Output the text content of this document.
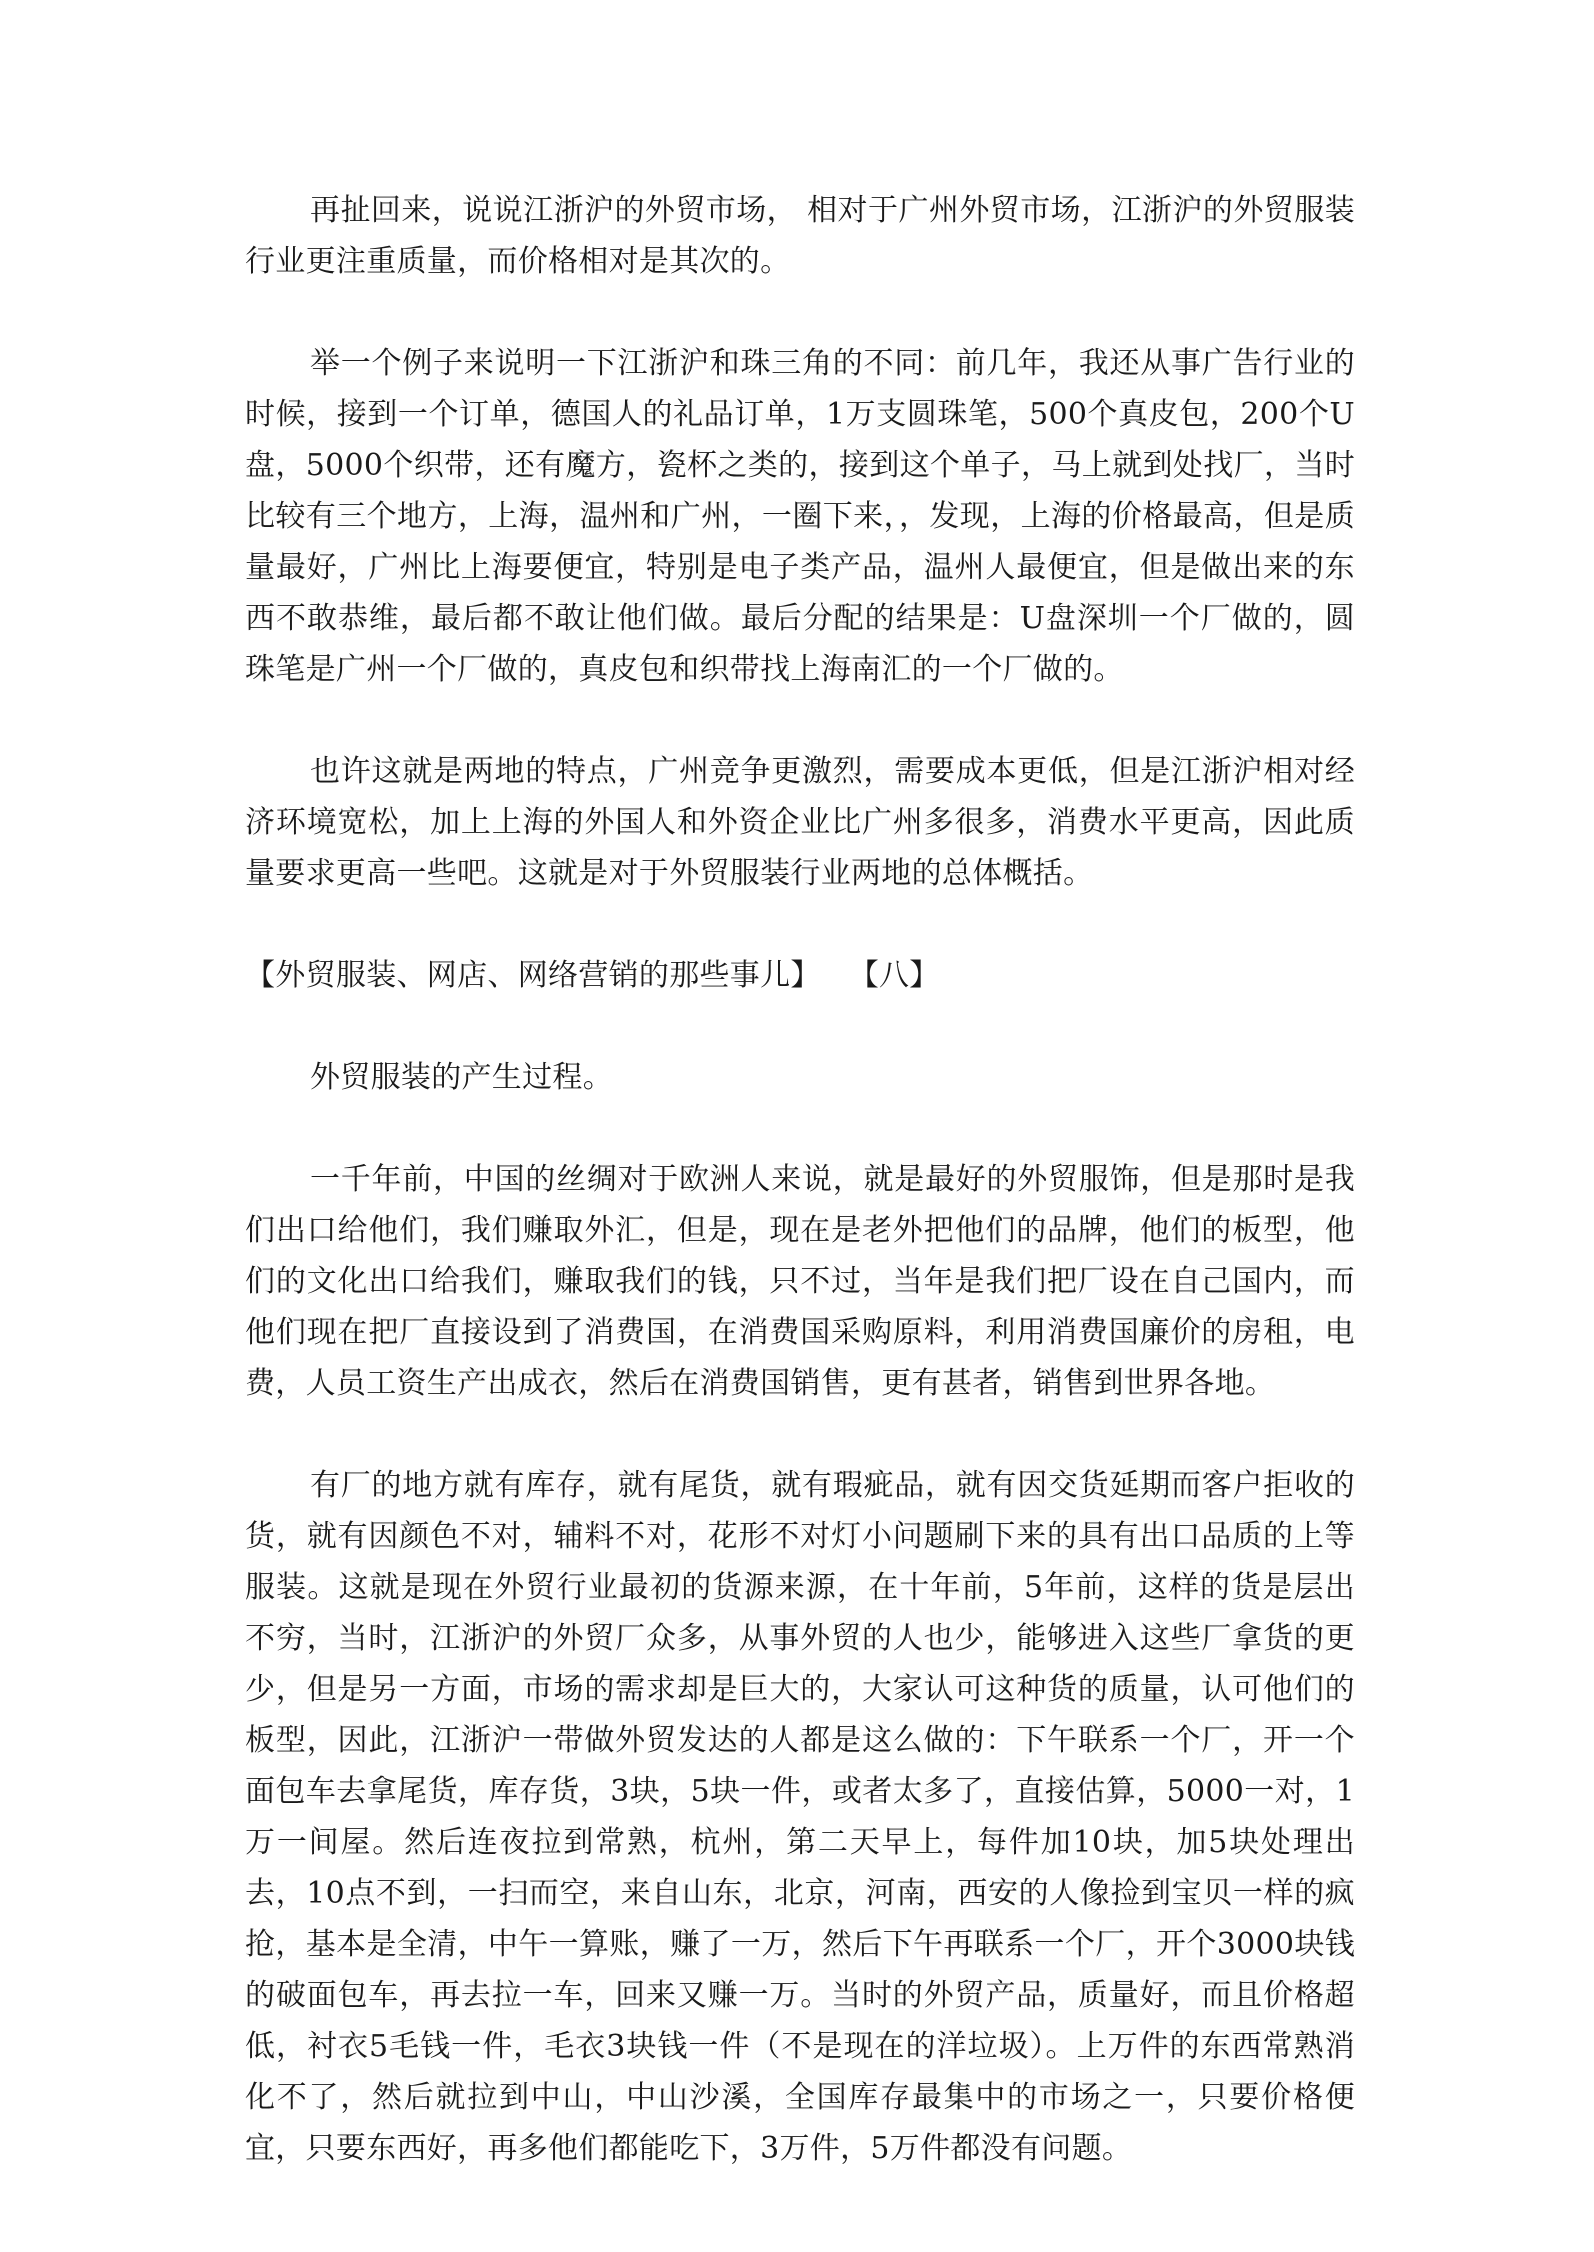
再扯回来，说说江浙沪的外贸市场， 相对于广州外贸市场，江浙沪的外贸服装行业更注重质量，而价格相对是其次的。

举一个例子来说明一下江浙沪和珠三角的不同：前几年，我还从事广告行业的时候，接到一个订单，德国人的礼品订单，1万支圆珠笔，500个真皮包，200个U盘，5000个织带，还有魔方，瓷杯之类的，接到这个单子，马上就到处找厂，当时比较有三个地方，上海，温州和广州，一圈下来，，发现，上海的价格最高，但是质量最好，广州比上海要便宜，特别是电子类产品，温州人最便宜，但是做出来的东西不敢恭维，最后都不敢让他们做。最后分配的结果是：U盘深圳一个厂做的，圆珠笔是广州一个厂做的，真皮包和织带找上海南汇的一个厂做的。

也许这就是两地的特点，广州竞争更激烈，需要成本更低，但是江浙沪相对经济环境宽松，加上上海的外国人和外资企业比广州多很多，消费水平更高，因此质量要求更高一些吧。这就是对于外贸服装行业两地的总体概括。

【外贸服装、网店、网络营销的那些事儿】 【八】

外贸服装的产生过程。

一千年前，中国的丝绸对于欧洲人来说，就是最好的外贸服饰，但是那时是我们出口给他们，我们赚取外汇，但是，现在是老外把他们的品牌，他们的板型，他们的文化出口给我们，赚取我们的钱，只不过，当年是我们把厂设在自己国内，而他们现在把厂直接设到了消费国，在消费国采购原料，利用消费国廉价的房租，电费，人员工资生产出成衣，然后在消费国销售，更有甚者，销售到世界各地。

有厂的地方就有库存，就有尾货，就有瑕疵品，就有因交货延期而客户拒收的货，就有因颜色不对，辅料不对，花形不对灯小问题刷下来的具有出口品质的上等服装。这就是现在外贸行业最初的货源来源，在十年前，5年前，这样的货是层出不穷，当时，江浙沪的外贸厂众多，从事外贸的人也少，能够进入这些厂拿货的更少，但是另一方面，市场的需求却是巨大的，大家认可这种货的质量，认可他们的板型，因此，江浙沪一带做外贸发达的人都是这么做的：下午联系一个厂，开一个面包车去拿尾货，库存货，3块，5块一件，或者太多了，直接估算，5000一对，1万一间屋。然后连夜拉到常熟，杭州，第二天早上，每件加10块，加5块处理出去，10点不到，一扫而空，来自山东，北京，河南，西安的人像捡到宝贝一样的疯抢，基本是全清，中午一算账，赚了一万，然后下午再联系一个厂，开个3000块钱的破面包车，再去拉一车，回来又赚一万。当时的外贸产品，质量好，而且价格超低，衬衣5毛钱一件，毛衣3块钱一件（不是现在的洋垃圾）。上万件的东西常熟消化不了，然后就拉到中山，中山沙溪，全国库存最集中的市场之一，只要价格便宜，只要东西好，再多他们都能吃下，3万件，5万件都没有问题。
